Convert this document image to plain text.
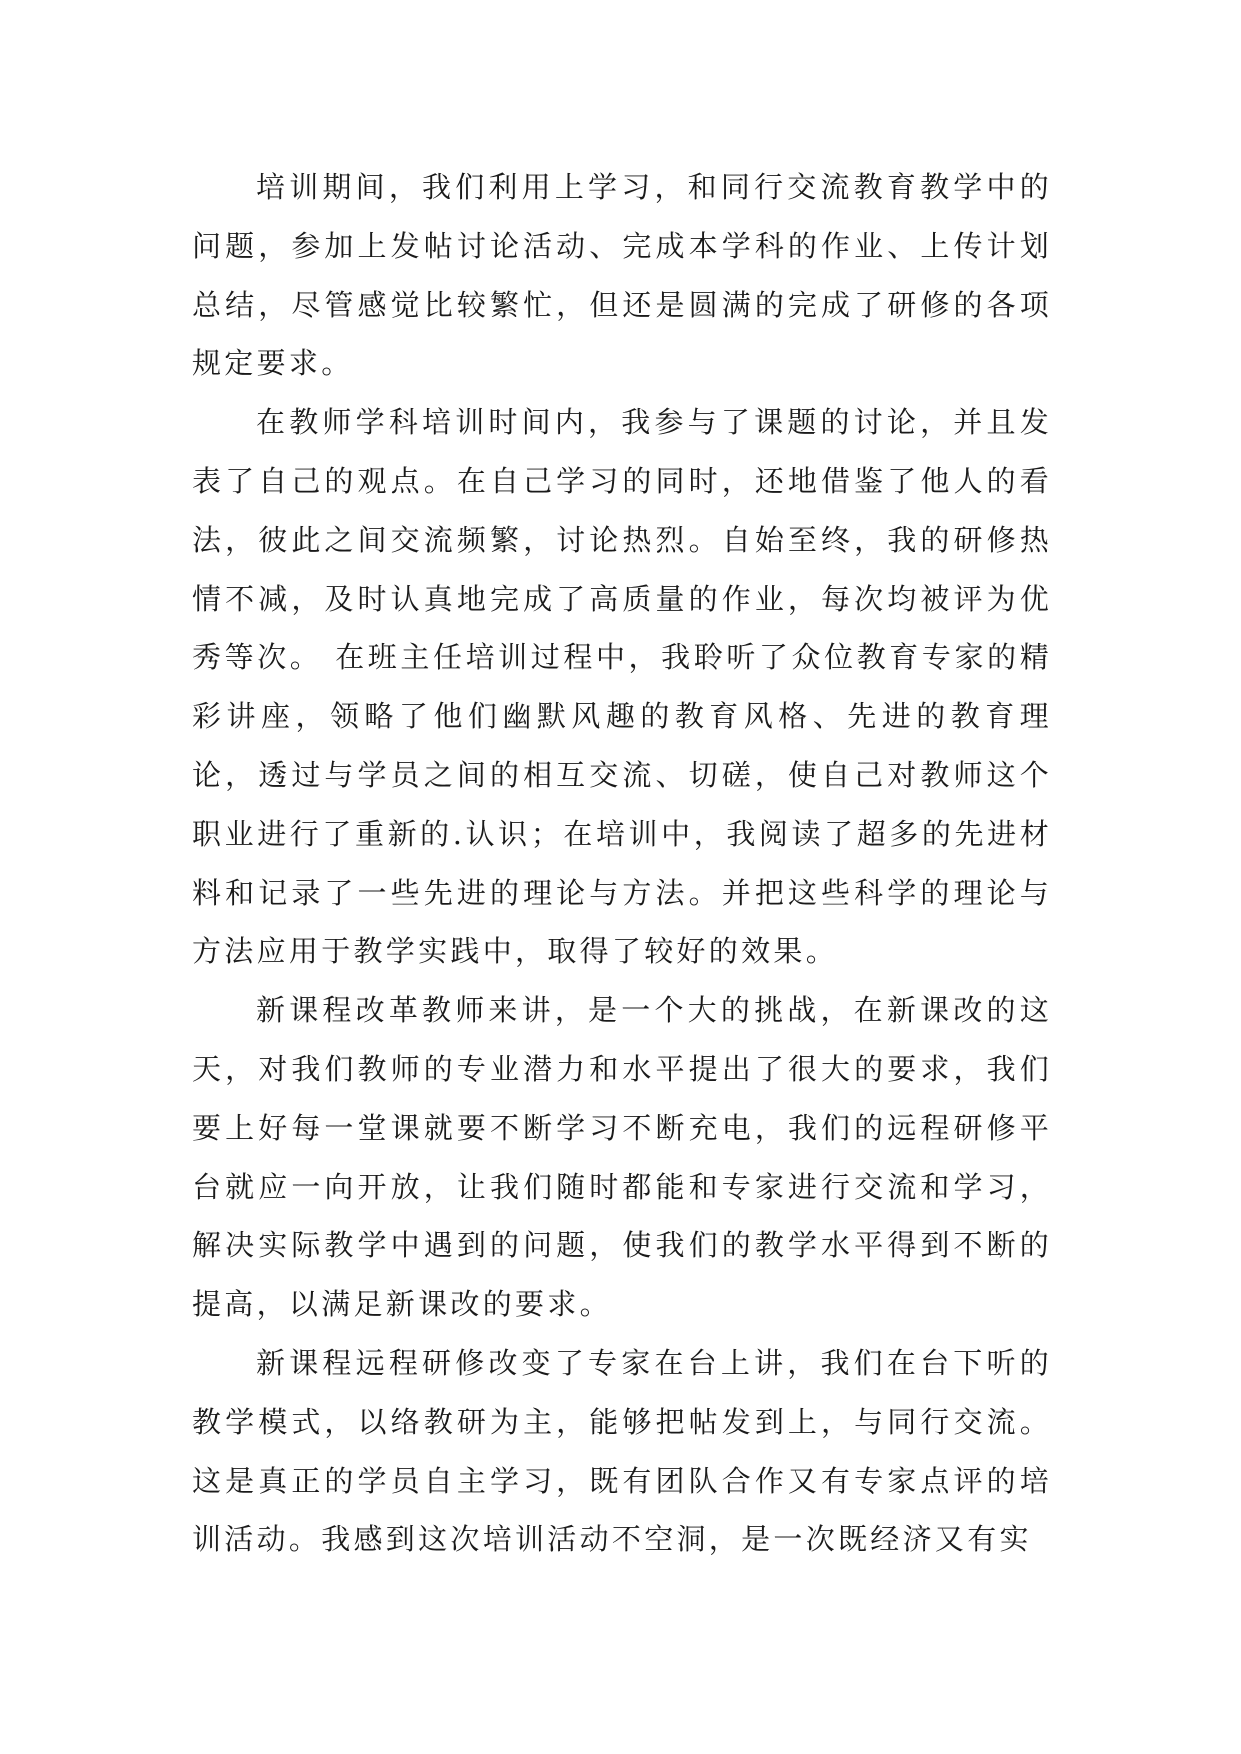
培训期间，我们利用上学习，和同行交流教育教学中的问题，参加上发帖讨论活动、完成本学科的作业、上传计划总结，尽管感觉比较繁忙，但还是圆满的完成了研修的各项规定要求。

在教师学科培训时间内，我参与了课题的讨论，并且发表了自己的观点。在自己学习的同时，还地借鉴了他人的看法，彼此之间交流频繁，讨论热烈。自始至终，我的研修热情不减，及时认真地完成了高质量的作业，每次均被评为优秀等次。 在班主任培训过程中，我聆听了众位教育专家的精彩讲座，领略了他们幽默风趣的教育风格、先进的教育理论，透过与学员之间的相互交流、切磋，使自己对教师这个职业进行了重新的.认识；在培训中，我阅读了超多的先进材料和记录了一些先进的理论与方法。并把这些科学的理论与方法应用于教学实践中，取得了较好的效果。

新课程改革教师来讲，是一个大的挑战，在新课改的这天，对我们教师的专业潜力和水平提出了很大的要求，我们要上好每一堂课就要不断学习不断充电，我们的远程研修平台就应一向开放，让我们随时都能和专家进行交流和学习，解决实际教学中遇到的问题，使我们的教学水平得到不断的提高，以满足新课改的要求。

新课程远程研修改变了专家在台上讲，我们在台下听的教学模式，以络教研为主，能够把帖发到上，与同行交流。这是真正的学员自主学习，既有团队合作又有专家点评的培训活动。我感到这次培训活动不空洞，是一次既经济又有实
